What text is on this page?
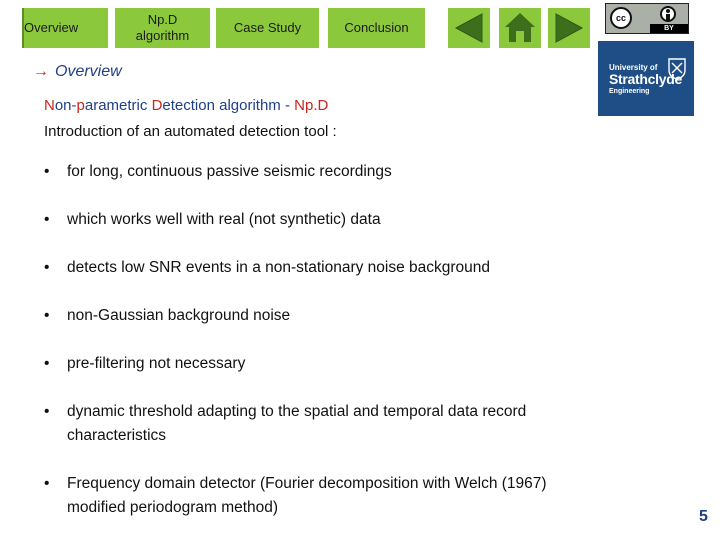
Overview
Np.D
algorithm
Case Study	Conclusion
cc
BY
University of
Strathclyde
Engineering
→ Overview
Non-parametric Detection algorithm - Np.D
Introduction of an automated detection tool :
•	for long, continuous passive seismic recordings
•	which works well with real (not synthetic) data
•	detects low SNR events in a non-stationary noise background
•	non-Gaussian background noise
•	pre-filtering not necessary
•	dynamic threshold adapting to the spatial and temporal data record characteristics
•	Frequency domain detector (Fourier decomposition with Welch (1967) modified periodogram method)
5
